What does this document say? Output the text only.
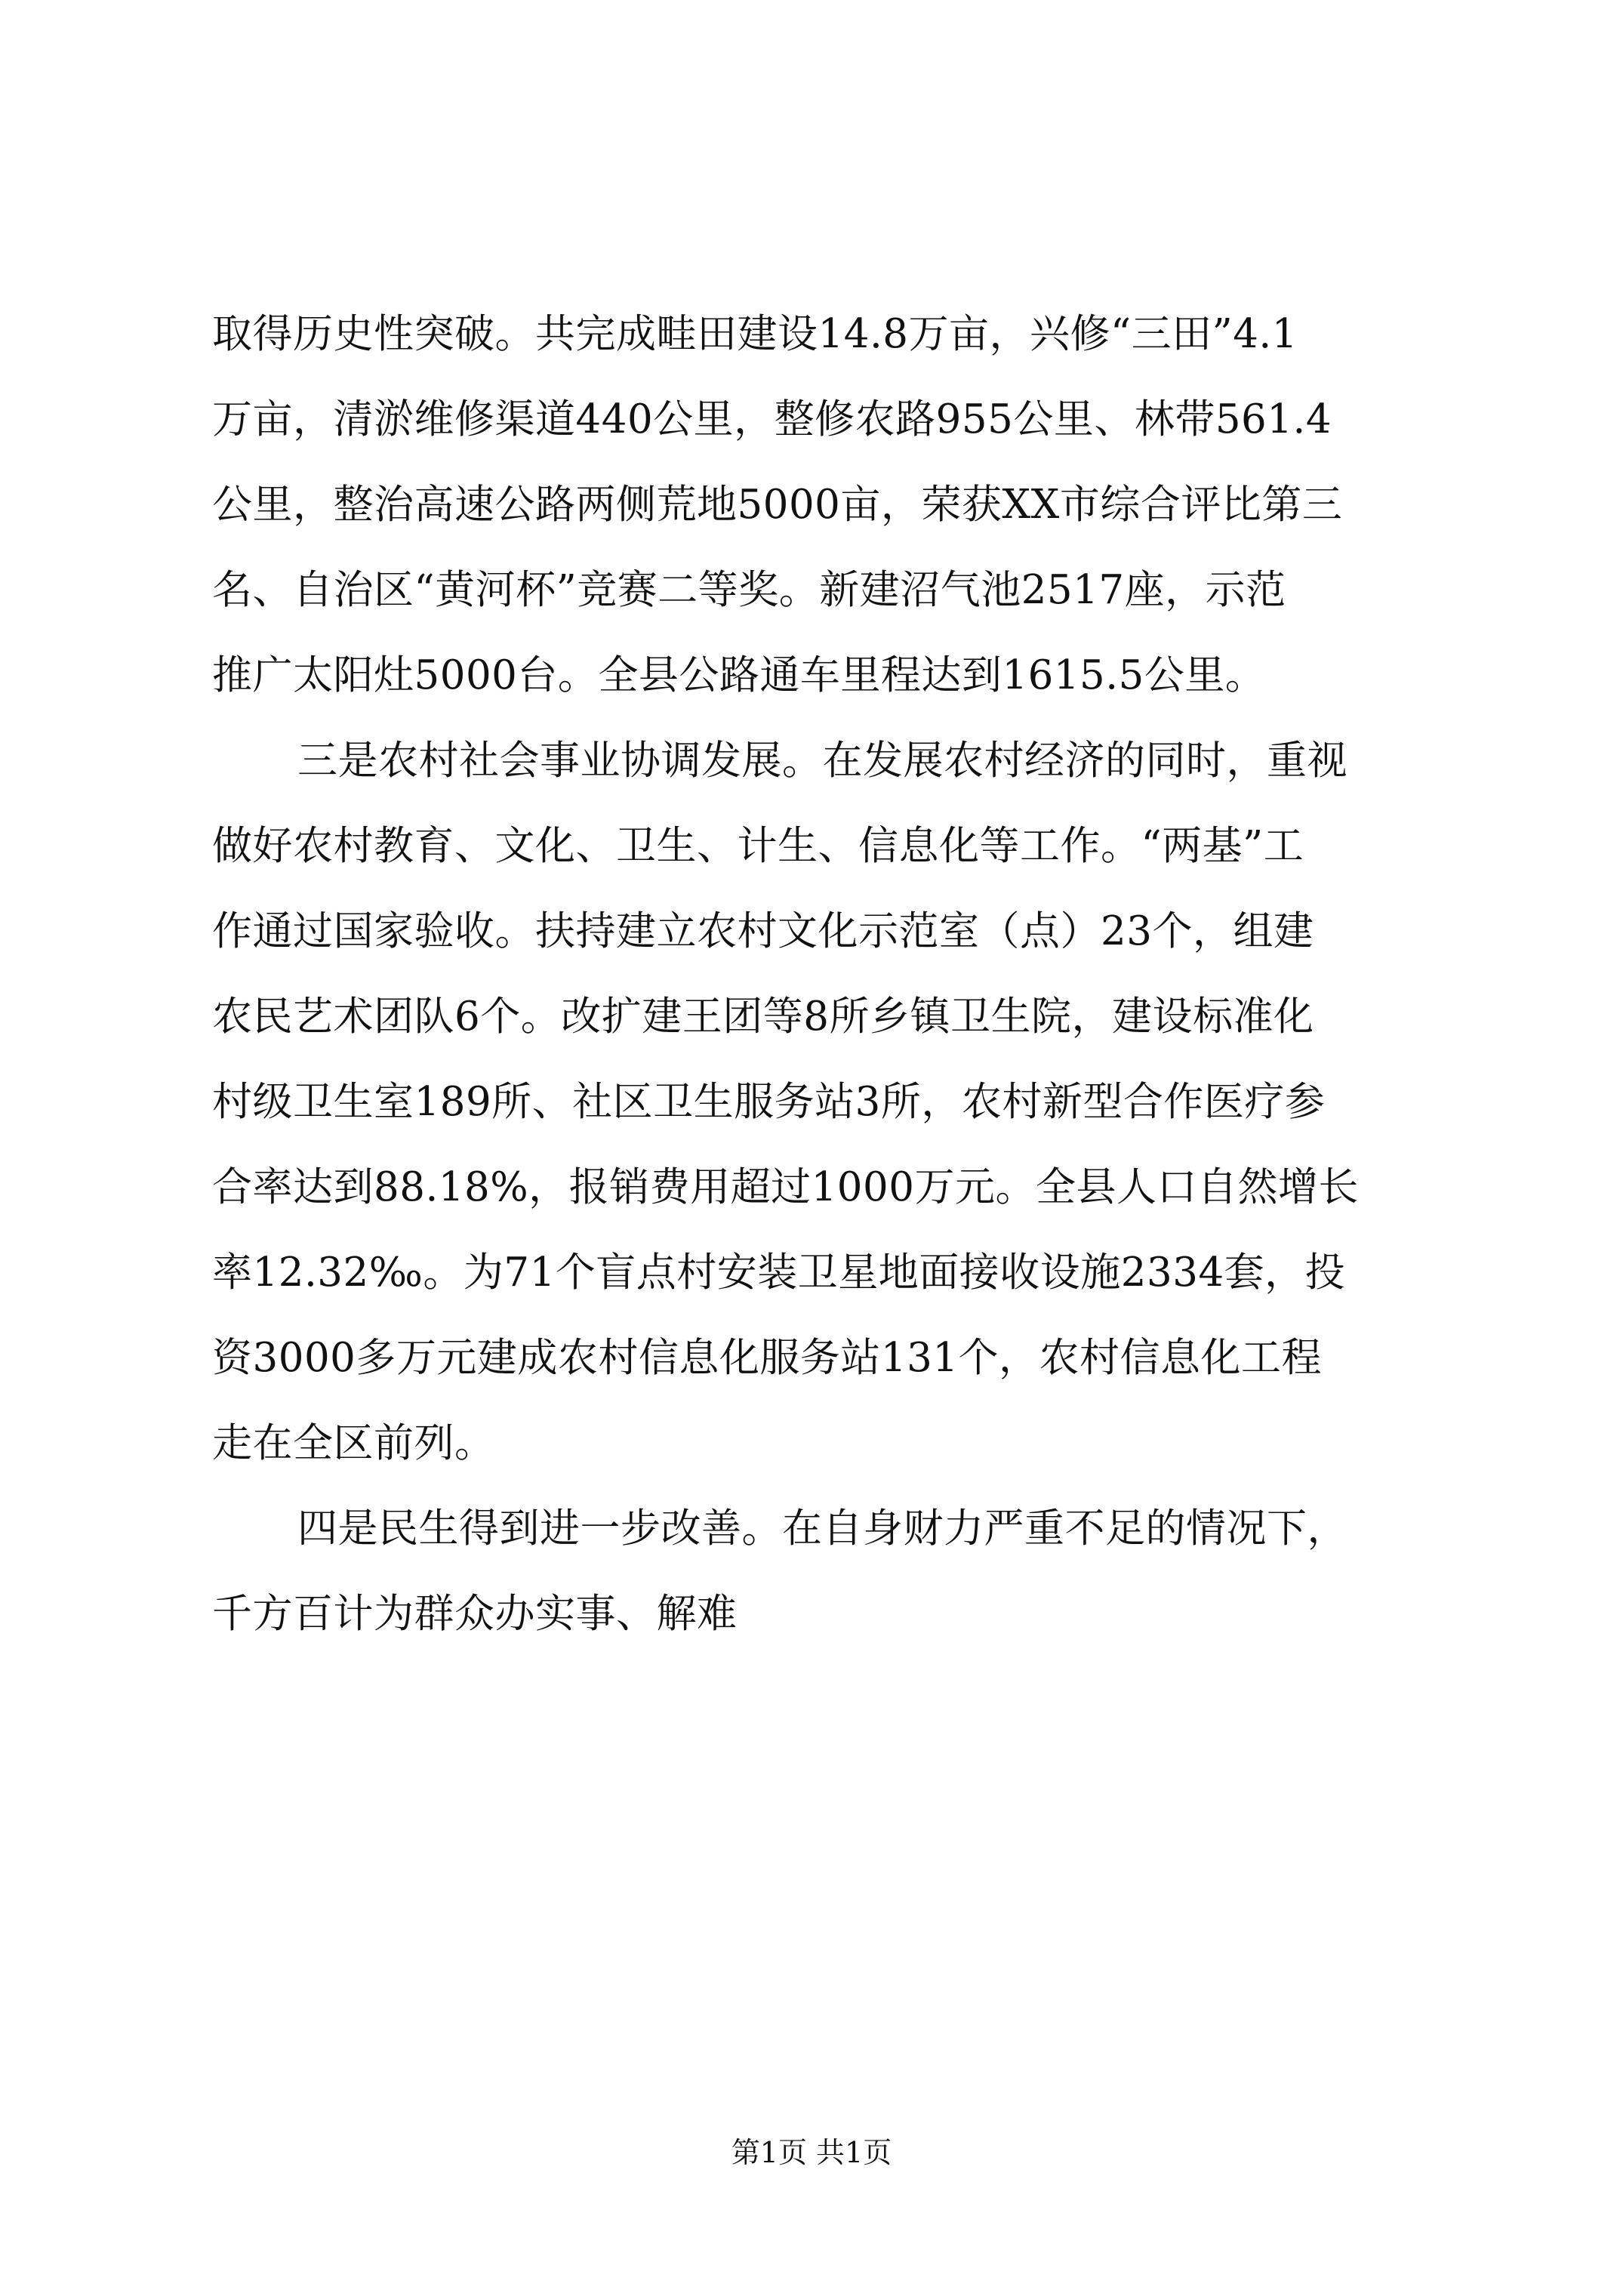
取得历史性突破。共完成畦田建设14.8万亩，兴修“三田”4.1
万亩，清淤维修渠道440公里，整修农路955公里、林带561.4
公里，整治高速公路两侧荒地5000亩，荣获XX市综合评比第三
名、自治区“黄河杯”竞赛二等奖。新建沼气池2517座，示范
推广太阳灶5000台。全县公路通车里程达到1615.5公里。
三是农村社会事业协调发展。在发展农村经济的同时，重视
做好农村教育、文化、卫生、计生、信息化等工作。“两基”工
作通过国家验收。扶持建立农村文化示范室（点）23个，组建
农民艺术团队6个。改扩建王团等8所乡镇卫生院，建设标准化
村级卫生室189所、社区卫生服务站3所，农村新型合作医疗参
合率达到88.18%，报销费用超过1000万元。全县人口自然增长
率12.32‰。为71个盲点村安装卫星地面接收设施2334套，投
资3000多万元建成农村信息化服务站131个，农村信息化工程
走在全区前列。
四是民生得到进一步改善。在自身财力严重不足的情况下，
千方百计为群众办实事、解难
第1页 共1页
